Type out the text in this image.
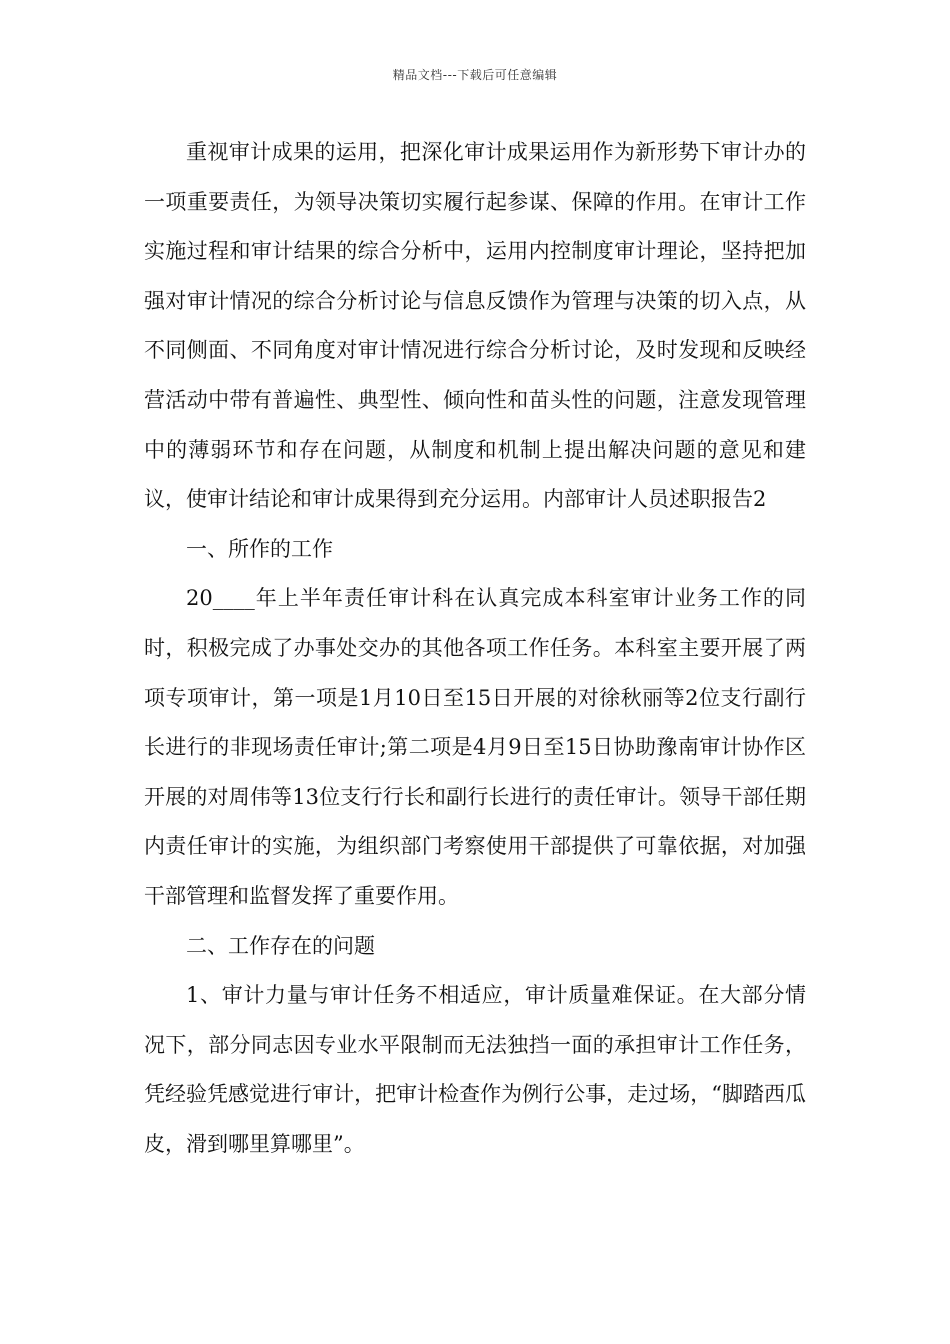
精品文档---下载后可任意编辑

重视审计成果的运用，把深化审计成果运用作为新形势下审计办的一项重要责任，为领导决策切实履行起参谋、保障的作用。在审计工作实施过程和审计结果的综合分析中，运用内控制度审计理论，坚持把加强对审计情况的综合分析讨论与信息反馈作为管理与决策的切入点，从不同侧面、不同角度对审计情况进行综合分析讨论，及时发现和反映经营活动中带有普遍性、典型性、倾向性和苗头性的问题，注意发现管理中的薄弱环节和存在问题，从制度和机制上提出解决问题的意见和建议，使审计结论和审计成果得到充分运用。内部审计人员述职报告2

一、所作的工作

20____年上半年责任审计科在认真完成本科室审计业务工作的同时，积极完成了办事处交办的其他各项工作任务。本科室主要开展了两项专项审计，第一项是1月10日至15日开展的对徐秋丽等2位支行副行长进行的非现场责任审计;第二项是4月9日至15日协助豫南审计协作区开展的对周伟等13位支行行长和副行长进行的责任审计。领导干部任期内责任审计的实施，为组织部门考察使用干部提供了可靠依据，对加强干部管理和监督发挥了重要作用。

二、工作存在的问题

1、审计力量与审计任务不相适应，审计质量难保证。在大部分情况下，部分同志因专业水平限制而无法独挡一面的承担审计工作任务，凭经验凭感觉进行审计，把审计检查作为例行公事，走过场，“脚踏西瓜皮，滑到哪里算哪里”。
